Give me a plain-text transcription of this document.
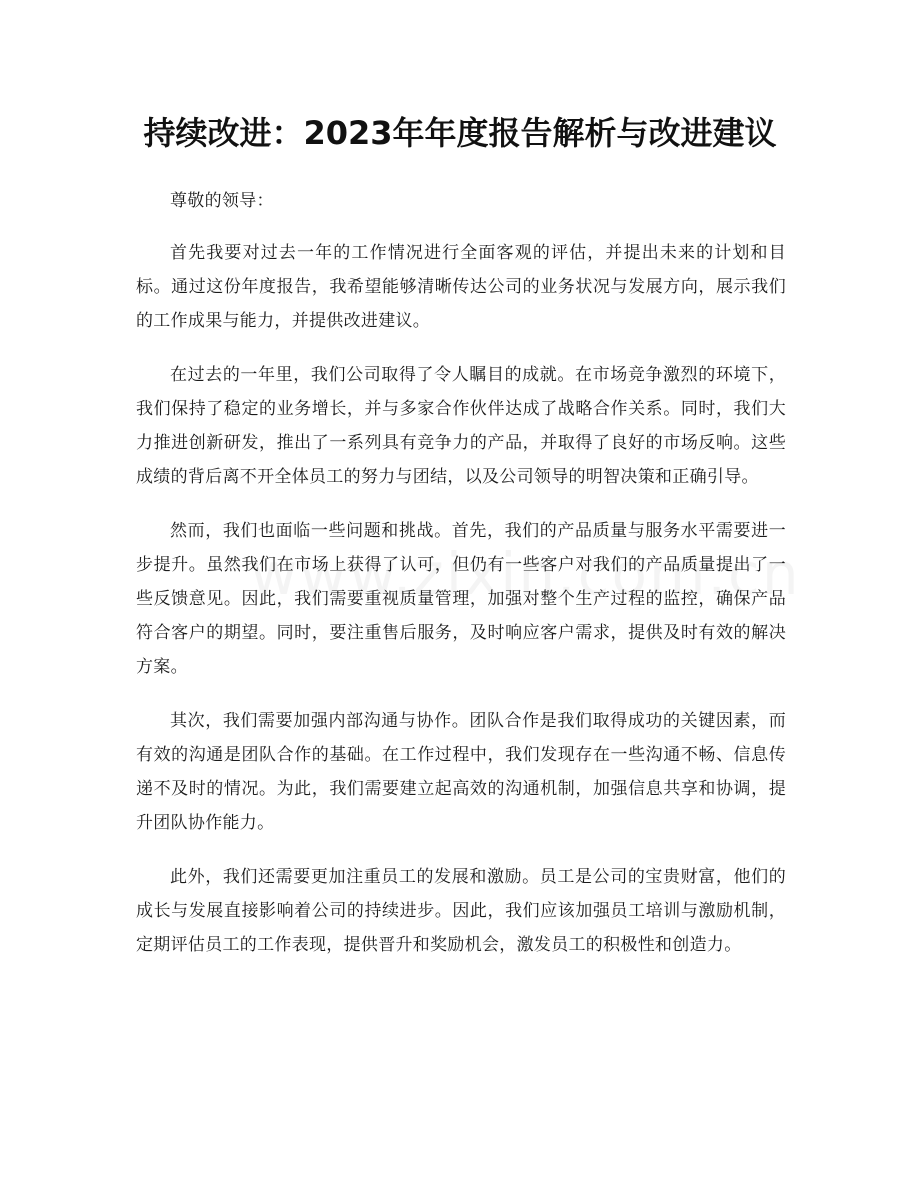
持续改进：2023年年度报告解析与改进建议

尊敬的领导：

首先我要对过去一年的工作情况进行全面客观的评估，并提出未来的计划和目标。通过这份年度报告，我希望能够清晰传达公司的业务状况与发展方向，展示我们的工作成果与能力，并提供改进建议。

在过去的一年里，我们公司取得了令人瞩目的成就。在市场竞争激烈的环境下，我们保持了稳定的业务增长，并与多家合作伙伴达成了战略合作关系。同时，我们大力推进创新研发，推出了一系列具有竞争力的产品，并取得了良好的市场反响。这些成绩的背后离不开全体员工的努力与团结，以及公司领导的明智决策和正确引导。

然而，我们也面临一些问题和挑战。首先，我们的产品质量与服务水平需要进一步提升。虽然我们在市场上获得了认可，但仍有一些客户对我们的产品质量提出了一些反馈意见。因此，我们需要重视质量管理，加强对整个生产过程的监控，确保产品符合客户的期望。同时，要注重售后服务，及时响应客户需求，提供及时有效的解决方案。

其次，我们需要加强内部沟通与协作。团队合作是我们取得成功的关键因素，而有效的沟通是团队合作的基础。在工作过程中，我们发现存在一些沟通不畅、信息传递不及时的情况。为此，我们需要建立起高效的沟通机制，加强信息共享和协调，提升团队协作能力。

此外，我们还需要更加注重员工的发展和激励。员工是公司的宝贵财富，他们的成长与发展直接影响着公司的持续进步。因此，我们应该加强员工培训与激励机制，定期评估员工的工作表现，提供晋升和奖励机会，激发员工的积极性和创造力。
